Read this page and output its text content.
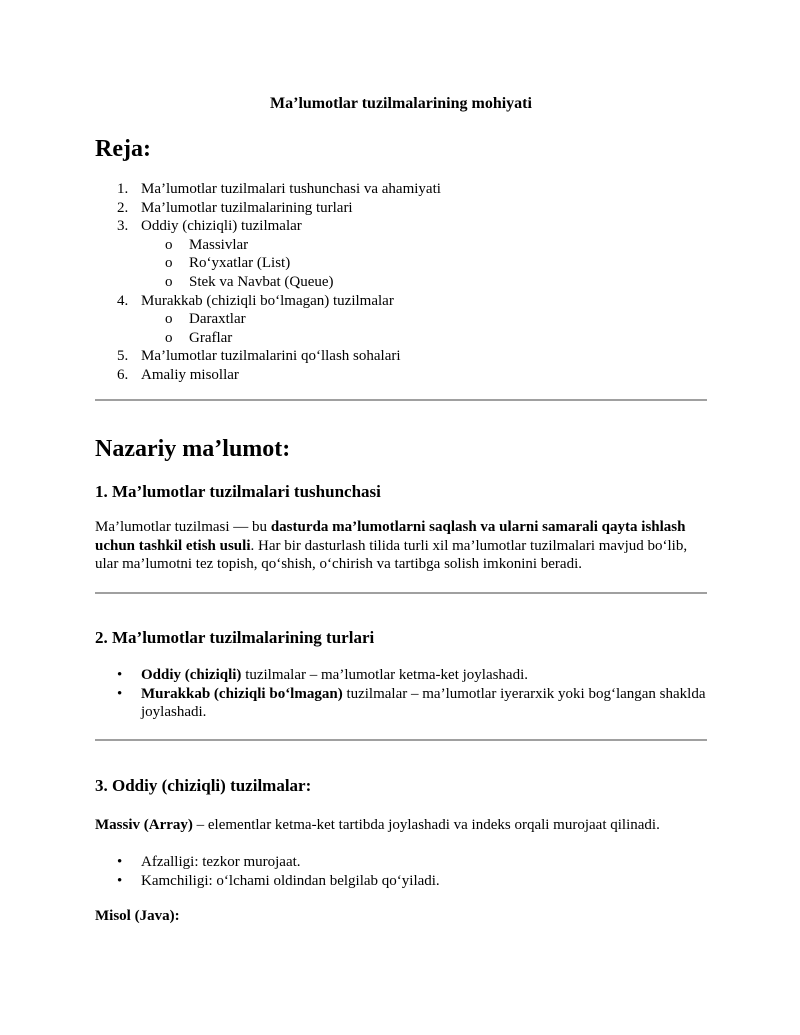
Ma’lumotlar tuzilmalarining mohiyati
Reja:
1. Ma’lumotlar tuzilmalari tushunchasi va ahamiyati
2. Ma’lumotlar tuzilmalarining turlari
3. Oddiy (chiziqli) tuzilmalar
o	Massivlar
o	Ro‘yxatlar (List)
o	Stek va Navbat (Queue)
4. Murakkab (chiziqli bo‘lmagan) tuzilmalar
o	Daraxtlar
o	Graflar
5. Ma’lumotlar tuzilmalarini qo‘llash sohalari
6. Amaliy misollar
Nazariy ma’lumot:
1. Ma’lumotlar tuzilmalari tushunchasi

Ma’lumotlar tuzilmasi — bu dasturda ma’lumotlarni saqlash va ularni samarali qayta ishlash uchun tashkil etish usuli. Har bir dasturlash tilida turli xil ma’lumotlar tuzilmalari mavjud bo‘lib, ular ma’lumotni tez topish, qo‘shish, o‘chirish va tartibga solish imkonini beradi.

2. Ma’lumotlar tuzilmalarining turlari
•	Oddiy (chiziqli) tuzilmalar – ma’lumotlar ketma-ket joylashadi.
•	Murakkab (chiziqli bo‘lmagan) tuzilmalar – ma’lumotlar iyerarxik yoki bog‘langan shaklda joylashadi.
3. Oddiy (chiziqli) tuzilmalar:

Massiv (Array) – elementlar ketma-ket tartibda joylashadi va indeks orqali murojaat qilinadi.

•	Afzalligi: tezkor murojaat.
•	Kamchiligi: o‘lchami oldindan belgilab qo‘yiladi.

Misol (Java):
